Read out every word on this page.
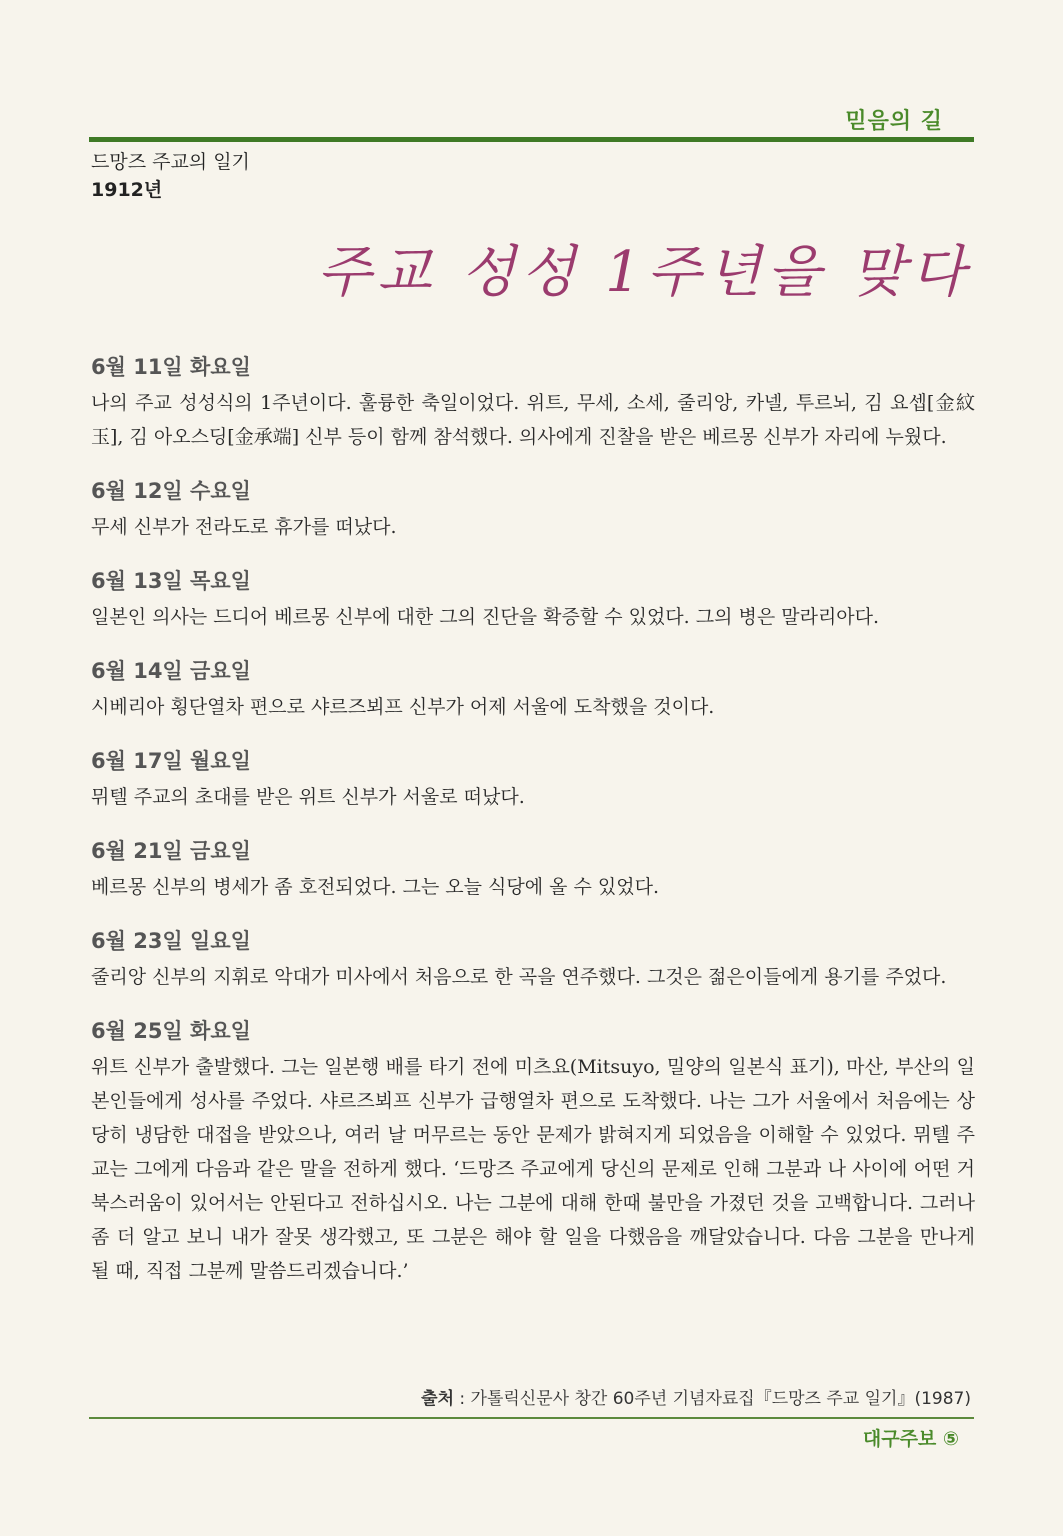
믿음의 길
드망즈 주교의 일기
1912년
주교 성성 1주년을 맞다
6월 11일 화요일
나의 주교 성성식의 1주년이다. 훌륭한 축일이었다. 위트, 무세, 소세, 줄리앙, 카넬, 투르뇌, 김 요셉[金紋玉], 김 아오스딩[金承端] 신부 등이 함께 참석했다. 의사에게 진찰을 받은 베르몽 신부가 자리에 누웠다.
6월 12일 수요일
무세 신부가 전라도로 휴가를 떠났다.
6월 13일 목요일
일본인 의사는 드디어 베르몽 신부에 대한 그의 진단을 확증할 수 있었다. 그의 병은 말라리아다.
6월 14일 금요일
시베리아 횡단열차 편으로 샤르즈뵈프 신부가 어제 서울에 도착했을 것이다.
6월 17일 월요일
뮈텔 주교의 초대를 받은 위트 신부가 서울로 떠났다.
6월 21일 금요일
베르몽 신부의 병세가 좀 호전되었다. 그는 오늘 식당에 올 수 있었다.
6월 23일 일요일
줄리앙 신부의 지휘로 악대가 미사에서 처음으로 한 곡을 연주했다. 그것은 젊은이들에게 용기를 주었다.
6월 25일 화요일
위트 신부가 출발했다. 그는 일본행 배를 타기 전에 미츠요(Mitsuyo, 밀양의 일본식 표기), 마산, 부산의 일본인들에게 성사를 주었다. 샤르즈뵈프 신부가 급행열차 편으로 도착했다. 나는 그가 서울에서 처음에는 상당히 냉담한 대접을 받았으나, 여러 날 머무르는 동안 문제가 밝혀지게 되었음을 이해할 수 있었다. 뮈텔 주교는 그에게 다음과 같은 말을 전하게 했다. ‘드망즈 주교에게 당신의 문제로 인해 그분과 나 사이에 어떤 거북스러움이 있어서는 안된다고 전하십시오. 나는 그분에 대해 한때 불만을 가졌던 것을 고백합니다. 그러나 좀 더 알고 보니 내가 잘못 생각했고, 또 그분은 해야 할 일을 다했음을 깨달았습니다. 다음 그분을 만나게 될 때, 직접 그분께 말씀드리겠습니다.’
출처 : 가톨릭신문사 창간 60주년 기념자료집『드망즈 주교 일기』(1987)
대구주보 ⑤
